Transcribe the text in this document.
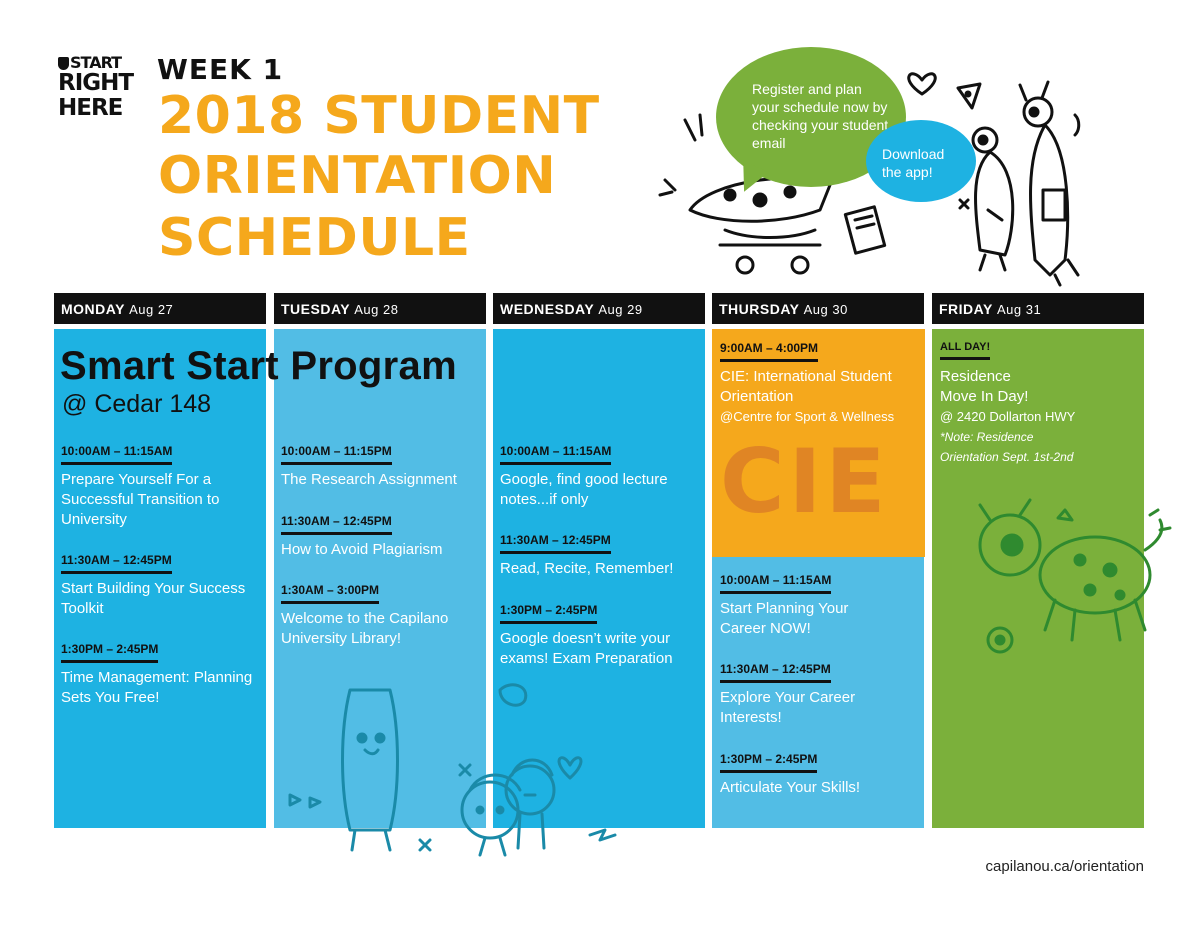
START
RIGHT
HERE
WEEK 1
2018 STUDENT
ORIENTATION
SCHEDULE
Register and plan your schedule now by checking your student email
Download the app!
MONDAY Aug 27	TUESDAY Aug 28	WEDNESDAY Aug 29	THURSDAY Aug 30	FRIDAY Aug 31
CIE
Smart Start Program
@ Cedar 148
10:00AM – 11:15AM
Prepare Yourself For a Successful Transition to University
11:30AM – 12:45PM
Start Building Your Success Toolkit
1:30PM – 2:45PM
Time Management: Planning Sets You Free!
10:00AM – 11:15PM
The Research Assignment
11:30AM – 12:45PM
How to Avoid Plagiarism
1:30AM – 3:00PM
Welcome to the Capilano University Library!
10:00AM – 11:15AM
Google, find good lecture notes...if only
11:30AM – 12:45PM
Read, Recite, Remember!
1:30PM – 2:45PM
Google doesn’t write your exams! Exam Preparation
9:00AM – 4:00PM
CIE: International Student Orientation
@Centre for Sport & Wellness
10:00AM – 11:15AM
Start Planning Your Career NOW!
11:30AM – 12:45PM
Explore Your Career Interests!
1:30PM – 2:45PM
Articulate Your Skills!
ALL DAY!
Residence
Move In Day!
@ 2420 Dollarton HWY
*Note: Residence
Orientation Sept. 1st-2nd
capilanou.ca/orientation
